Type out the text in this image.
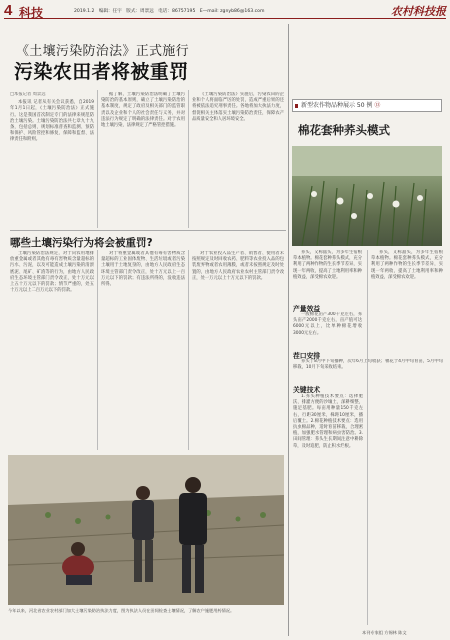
4 科技	2019.1.2 编辑：任宇 版式：周景远 电话：86757195 E—mail: zgnyb86@163.com	农村科技报
《土壤污染防治法》正式施行
污染农田者将被重罚
□本报记者 周景远

本报讯 记者从有关会议获悉，自2019年1月1日起，《土壤污染防治法》正式施行。这是我国首次制定专门的法律来规范防治土壤污染。土壤污染防治法共七章九十九条，包括总则、规划标准普查和监测、预防和保护、风险管控和修复、保障和监督、法律责任和附则。

据了解，土壤污染防治法明确了土壤污染防治的基本原则，确立了土壤污染防治的基本制度，规定了政府及相关部门的监管职责以及企业和个人的社会责任与义务，并对违法行为规定了明确的法律责任。对于农用地土壤污染，法律规定了严格管控措施。

《土壤污染防治法》实施后，污染农田的企业和个人将面临严厉的处罚，造成严重后果的还将被依法追究刑事责任。各地将加大执法力度，督促相关主体落实土壤污染防治责任，保障农产品质量安全和人居环境安全。

哪些土壤污染行为将会被重罚?

土壤污染防治法规定，对于向农用地排放重金属或者其他有毒有害物质含量超标的污水、污泥，以及可能造成土壤污染的清淤底泥、尾矿、矿渣等的行为，由地方人民政府生态环境主管部门责令改正，处十万元以上五十万元以下的罚款；情节严重的，处五十万元以上二百万元以下的罚款。

对于将重金属或者其他有毒有害物质含量超标的工业固体废物、生活垃圾或者污染土壤用于土地复垦的，由地方人民政府生态环境主管部门责令改正，处十万元以上一百万元以下的罚款；有违法所得的，没收违法所得。

对于农业投入品生产者、销售者、使用者未按照规定及时回收农药、肥料等农业投入品的包装废弃物或者农用薄膜，或者未按照规定及时处置的，由地方人民政府农业农村主管部门责令改正，处一万元以上十万元以下的罚款。

今年以来，河北省农业农村部门加大土壤污染防治执法力度，图为执法人员在田间检查土壤情况，了解农户施肥用药情况。
新型农作物品种展示 50 例 ⑬
棉花套种荞头模式

荞头，又称藠头，为多年生宿根草本植物。棉花套种荞头模式，充分利用了两种作物的生长季节差异，实现一年两收，提高了土地利用率和种植效益，深受棉农欢迎。

产量效益

一般棉花亩产300千克左右，荞头亩产2000千克左右，亩产值可达6000元以上，比单种棉花增收3000元左右。

茬口安排

荞头于8月中下旬播种，次年6月上旬收获；棉花于4月中旬育苗，5月中旬移栽，10月下旬采收结束。

关键技术

1.荞头种植技术要点：选择肥沃、排灌方便的沙壤土，深耕细整，施足基肥。每亩用种量150千克左右，行距30厘米，株距10厘米，播后覆土。2.棉花种植技术要点：选用抗虫棉品种，适时育苗移栽，合理密植，加强肥水管理和病虫害防治。3.田间管理：荞头生长期间注意中耕除草，及时追肥，防止积水烂根。

荞头，又称藠头，为多年生宿根草本植物。棉花套种荞头模式，充分利用了两种作物的生长季节差异，实现一年两收，提高了土地利用率和种植效益，深受棉农欢迎。

本刊专家组 方锡林 陈文
